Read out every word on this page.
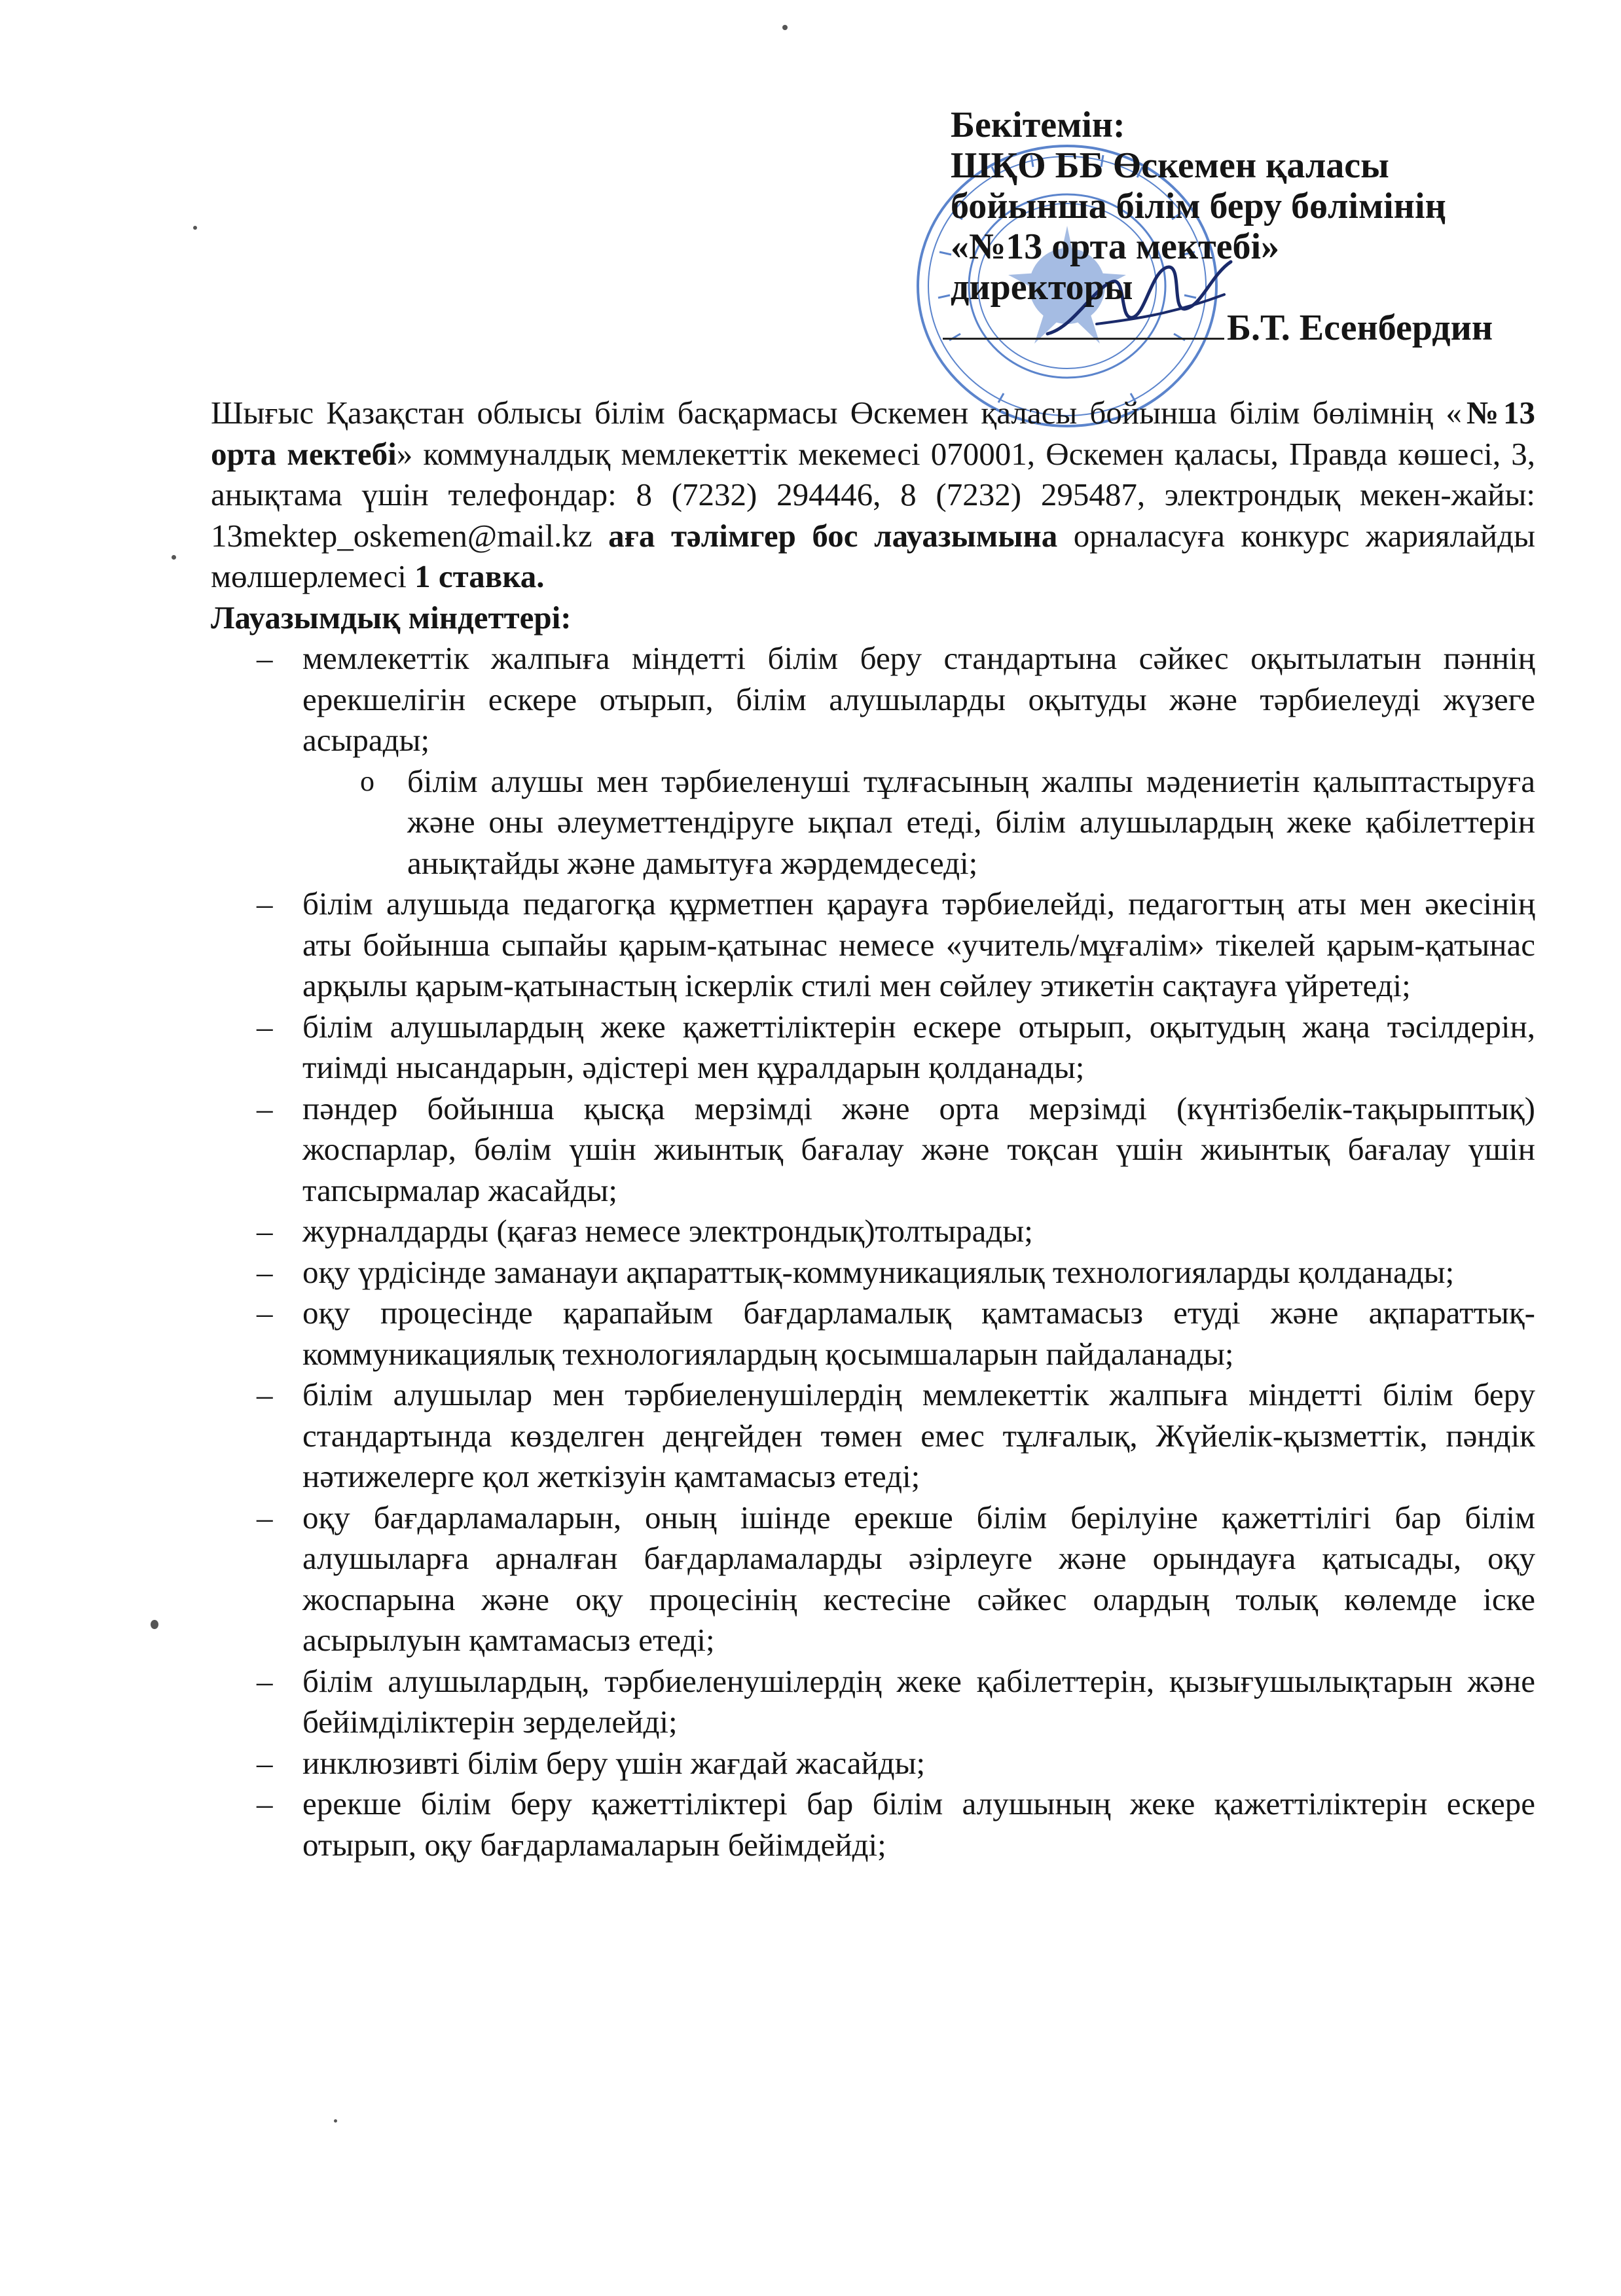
Бекітемін:
ШҚО ББ Өскемен қаласы
бойынша білім беру бөлімінің
«№13 орта мектебі»
директоры
Б.Т. Есенбердин

Шығыс Қазақстан облысы білім басқармасы Өскемен қаласы бойынша білім бөлімнің «№13 орта мектебі» коммуналдық мемлекеттік мекемесі 070001, Өскемен қаласы, Правда көшесі, 3, анықтама үшін телефондар: 8 (7232) 294446, 8 (7232) 295487, электрондық мекен-жайы: 13mektep_oskemen@mail.kz аға тәлімгер бос лауазымына орналасуға конкурс жариялайды мөлшерлемесі 1 ставка.

Лауазымдық міндеттері:

– мемлекеттік жалпыға міндетті білім беру стандартына сәйкес оқытылатын пәннің ерекшелігін ескере отырып, білім алушыларды оқытуды және тәрбиелеуді жүзеге асырады;
o білім алушы мен тәрбиеленуші тұлғасының жалпы мәдениетін қалыптастыруға және оны әлеуметтендіруге ықпал етеді, білім алушылардың жеке қабілеттерін анықтайды және дамытуға жәрдемдеседі;
– білім алушыда педагогқа құрметпен қарауға тәрбиелейді, педагогтың аты мен әкесінің аты бойынша сыпайы қарым-қатынас немесе «учитель/мұғалім» тікелей қарым-қатынас арқылы қарым-қатынастың іскерлік стилі мен сөйлеу этикетін сақтауға үйретеді;
– білім алушылардың жеке қажеттіліктерін ескере отырып, оқытудың жаңа тәсілдерін, тиімді нысандарын, әдістері мен құралдарын қолданады;
– пәндер бойынша қысқа мерзімді және орта мерзімді (күнтізбелік-тақырыптық) жоспарлар, бөлім үшін жиынтық бағалау және тоқсан үшін жиынтық бағалау үшін тапсырмалар жасайды;
– журналдарды (қағаз немесе электрондық)толтырады;
– оқу үрдісінде заманауи ақпараттық-коммуникациялық технологияларды қолданады;
– оқу процесінде қарапайым бағдарламалық қамтамасыз етуді және ақпараттық-коммуникациялық технологиялардың қосымшаларын пайдаланады;
– білім алушылар мен тәрбиеленушілердің мемлекеттік жалпыға міндетті білім беру стандартында көзделген деңгейден төмен емес тұлғалық, Жүйелік-қызметтік, пәндік нәтижелерге қол жеткізуін қамтамасыз етеді;
– оқу бағдарламаларын, оның ішінде ерекше білім берілуіне қажеттілігі бар білім алушыларға арналған бағдарламаларды әзірлеуге және орындауға қатысады, оқу жоспарына және оқу процесінің кестесіне сәйкес олардың толық көлемде іске асырылуын қамтамасыз етеді;
– білім алушылардың, тәрбиеленушілердің жеке қабілеттерін, қызығушылықтарын және бейімділіктерін зерделейді;
– инклюзивті білім беру үшін жағдай жасайды;
– ерекше білім беру қажеттіліктері бар білім алушының жеке қажеттіліктерін ескере отырып, оқу бағдарламаларын бейімдейді;
